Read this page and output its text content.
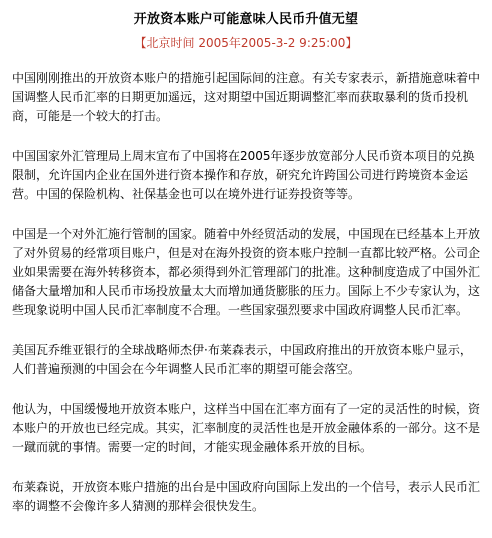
开放资本账户可能意味人民币升值无望
【北京时间 2005年2005-3-2 9:25:00】

中国刚刚推出的开放资本账户的措施引起国际间的注意。有关专家表示，新措施意味着中国调整人民币汇率的日期更加遥远，这对期望中国近期调整汇率而获取暴利的货币投机商，可能是一个较大的打击。

中国国家外汇管理局上周末宣布了中国将在2005年逐步放宽部分人民币资本项目的兑换限制，允许国内企业在国外进行资本操作和存放，研究允许跨国公司进行跨境资本金运营。中国的保险机构、社保基金也可以在境外进行证券投资等等。

中国是一个对外汇施行管制的国家。随着中外经贸活动的发展，中国现在已经基本上开放了对外贸易的经常项目账户，但是对在海外投资的资本账户控制一直都比较严格。公司企业如果需要在海外转移资本，都必须得到外汇管理部门的批准。这种制度造成了中国外汇储备大量增加和人民币市场投放量太大而增加通货膨胀的压力。国际上不少专家认为，这些现象说明中国人民币汇率制度不合理。一些国家强烈要求中国政府调整人民币汇率。

美国瓦乔维亚银行的全球战略师杰伊·布莱森表示，中国政府推出的开放资本账户显示，人们普遍预测的中国会在今年调整人民币汇率的期望可能会落空。

他认为，中国缓慢地开放资本账户，这样当中国在汇率方面有了一定的灵活性的时候，资本账户的开放也已经完成。其实，汇率制度的灵活性也是开放金融体系的一部分。这不是一蹴而就的事情。需要一定的时间，才能实现金融体系开放的目标。

布莱森说，开放资本账户措施的出台是中国政府向国际上发出的一个信号，表示人民币汇率的调整不会像许多人猜测的那样会很快发生。
